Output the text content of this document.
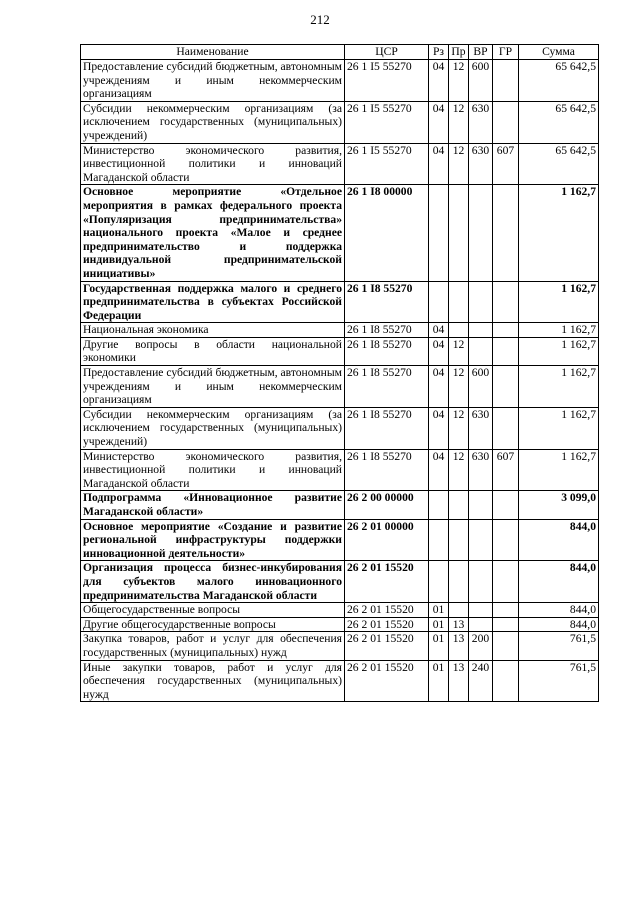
212
Наименование	ЦСР	Рз	Пр	ВР	ГР	Сумма
Предоставление субсидий бюджетным, автономным учреждениям и иным некоммерческим организациям	26 1 I5 55270	04	12	600		65 642,5
Субсидии некоммерческим организациям (за исключением государственных (муниципальных) учреждений)	26 1 I5 55270	04	12	630		65 642,5
Министерство экономического развития, инвестиционной политики и инноваций Магаданской области	26 1 I5 55270	04	12	630	607	65 642,5
Основное мероприятие «Отдельное мероприятия в рамках федерального проекта «Популяризация предпринимательства» национального проекта «Малое и среднее предпринимательство и поддержка индивидуальной предпринимательской инициативы»	26 1 I8 00000					1 162,7
Государственная поддержка малого и среднего предпринимательства в субъектах Российской Федерации	26 1 I8 55270					1 162,7
Национальная экономика	26 1 I8 55270	04				1 162,7
Другие вопросы в области национальной экономики	26 1 I8 55270	04	12			1 162,7
Предоставление субсидий бюджетным, автономным учреждениям и иным некоммерческим организациям	26 1 I8 55270	04	12	600		1 162,7
Субсидии некоммерческим организациям (за исключением государственных (муниципальных) учреждений)	26 1 I8 55270	04	12	630		1 162,7
Министерство экономического развития, инвестиционной политики и инноваций Магаданской области	26 1 I8 55270	04	12	630	607	1 162,7
Подпрограмма «Инновационное развитие Магаданской области»	26 2 00 00000					3 099,0
Основное мероприятие «Создание и развитие региональной инфраструктуры поддержки инновационной деятельности»	26 2 01 00000					844,0
Организация процесса бизнес-инкубирования для субъектов малого инновационного предпринимательства Магаданской области	26 2 01 15520					844,0
Общегосударственные вопросы	26 2 01 15520	01				844,0
Другие общегосударственные вопросы	26 2 01 15520	01	13			844,0
Закупка товаров, работ и услуг для обеспечения государственных (муниципальных) нужд	26 2 01 15520	01	13	200		761,5
Иные закупки товаров, работ и услуг для обеспечения государственных (муниципальных) нужд	26 2 01 15520	01	13	240		761,5
